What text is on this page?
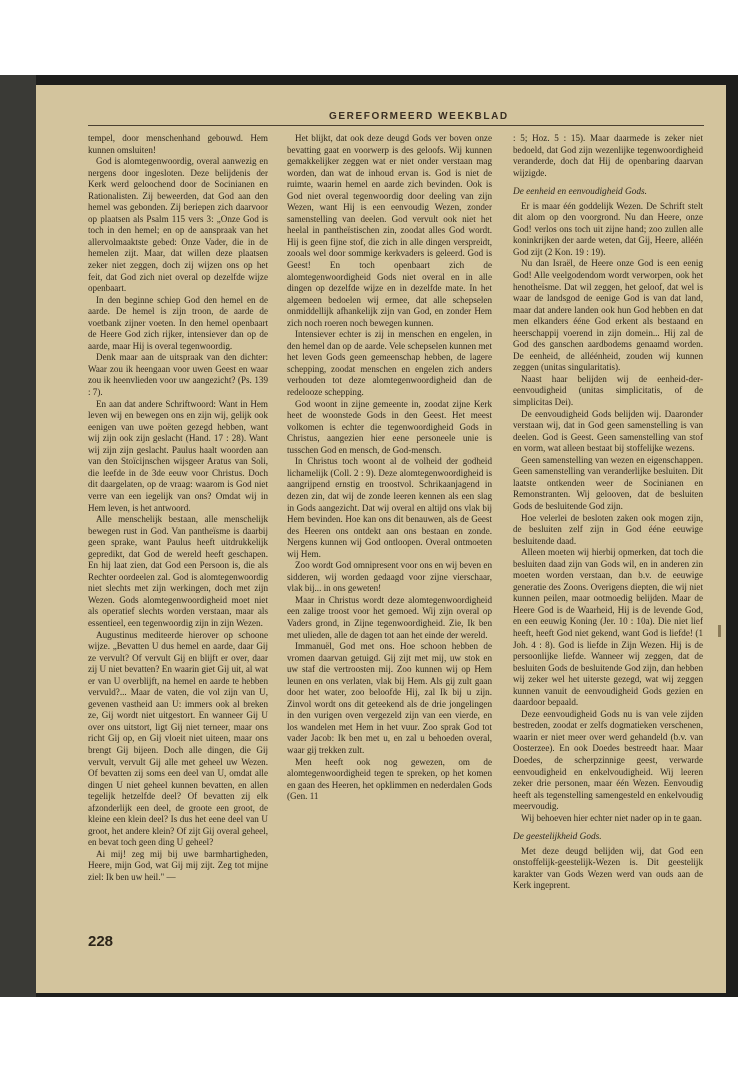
GEREFORMEERD WEEKBLAD

tempel, door menschenhand gebouwd. Hem kunnen omsluiten!

God is alomtegenwoordig, overal aanwezig en nergens door ingesloten. Deze belijdenis der Kerk werd geloochend door de Socinianen en Rationalisten. Zij beweerden, dat God aan den hemel was gebonden. Zij beriepen zich daarvoor op plaatsen als Psalm 115 vers 3: „Onze God is toch in den hemel; en op de aanspraak van het allervolmaaktste gebed: Onze Vader, die in de hemelen zijt. Maar, dat willen deze plaatsen zeker niet zeggen, doch zij wijzen ons op het feit, dat God zich niet overal op dezelfde wijze openbaart.

In den beginne schiep God den hemel en de aarde. De hemel is zijn troon, de aarde de voetbank zijner voeten. In den hemel openbaart de Heere God zich rijker, intensiever dan op de aarde, maar Hij is overal tegenwoordig.

Denk maar aan de uitspraak van den dichter: Waar zou ik heengaan voor uwen Geest en waar zou ik heenvlieden voor uw aangezicht? (Ps. 139 : 7).

En aan dat andere Schriftwoord: Want in Hem leven wij en bewegen ons en zijn wij, gelijk ook eenigen van uwe poëten gezegd hebben, want wij zijn ook zijn geslacht (Hand. 17 : 28). Want wij zijn zijn geslacht. Paulus haalt woorden aan van den Stoïcijnschen wijsgeer Aratus van Soli, die leefde in de 3de eeuw voor Christus. Doch dit daargelaten, op de vraag: waarom is God niet verre van een iegelijk van ons? Omdat wij in Hem leven, is het antwoord.

Alle menschelijk bestaan, alle menschelijk bewegen rust in God. Van pantheïsme is daarbij geen sprake, want Paulus heeft uitdrukkelijk gepredikt, dat God de wereld heeft geschapen. En hij laat zien, dat God een Persoon is, die als Rechter oordeelen zal. God is alomtegenwoordig niet slechts met zijn werkingen, doch met zijn Wezen. Gods alomtegenwoordigheid moet niet als operatief slechts worden verstaan, maar als essentieel, een tegenwoordig zijn in zijn Wezen.

Augustinus mediteerde hierover op schoone wijze. „Bevatten U dus hemel en aarde, daar Gij ze vervult? Of vervult Gij en blijft er over, daar zij U niet bevatten? En waarin giet Gij uit, al wat er van U overblijft, na hemel en aarde te hebben vervuld?... Maar de vaten, die vol zijn van U, gevenen vastheid aan U: immers ook al breken ze, Gij wordt niet uitgestort. En wanneer Gij U over ons uitstort, ligt Gij niet terneer, maar ons richt Gij op, en Gij vloeit niet uiteen, maar ons brengt Gij bijeen. Doch alle dingen, die Gij vervult, vervult Gij alle met geheel uw Wezen. Of bevatten zij soms een deel van U, omdat alle dingen U niet geheel kunnen bevatten, en allen tegelijk hetzelfde deel? Of bevatten zij elk afzonderlijk een deel, de groote een groot, de kleine een klein deel? Is dus het eene deel van U groot, het andere klein? Of zijt Gij overal geheel, en bevat toch geen ding U geheel?

Ai mij! zeg mij bij uwe barmhartigheden, Heere, mijn God, wat Gij mij zijt. Zeg tot mijne ziel: Ik ben uw heil." —

Het blijkt, dat ook deze deugd Gods ver boven onze bevatting gaat en voorwerp is des geloofs. Wij kunnen gemakkelijker zeggen wat er niet onder verstaan mag worden, dan wat de inhoud ervan is. God is niet de ruimte, waarin hemel en aarde zich bevinden. Ook is God niet overal tegenwoordig door deeling van zijn Wezen, want Hij is een eenvoudig Wezen, zonder samenstelling van deelen. God vervult ook niet het heelal in pantheïstischen zin, zoodat alles God wordt. Hij is geen fijne stof, die zich in alle dingen verspreidt, zooals wel door sommige kerkvaders is geleerd. God is Geest! En toch openbaart zich de alomtegenwoordigheid Gods niet overal en in alle dingen op dezelfde wijze en in dezelfde mate. In het algemeen bedoelen wij ermee, dat alle schepselen onmiddellijk afhankelijk zijn van God, en zonder Hem zich noch roeren noch bewegen kunnen.

Intensiever echter is zij in menschen en engelen, in den hemel dan op de aarde. Vele schepselen kunnen met het leven Gods geen gemeenschap hebben, de lagere schepping, zoodat menschen en engelen zich anders verhouden tot deze alomtegenwoordigheid dan de redelooze schepping.

God woont in zijne gemeente in, zoodat zijne Kerk heet de woonstede Gods in den Geest. Het meest volkomen is echter die tegenwoordigheid Gods in Christus, aangezien hier eene personeele unie is tusschen God en mensch, de God-mensch.

In Christus toch woont al de volheid der godheid lichamelijk (Coll. 2 : 9). Deze alomtegenwoordigheid is aangrijpend ernstig en troostvol. Schrikaanjagend in dezen zin, dat wij de zonde leeren kennen als een slag in Gods aangezicht. Dat wij overal en altijd ons vlak bij Hem bevinden. Hoe kan ons dit benauwen, als de Geest des Heeren ons ontdekt aan ons bestaan en zonde. Nergens kunnen wij God ontloopen. Overal ontmoeten wij Hem.

Zoo wordt God omnipresent voor ons en wij beven en sidderen, wij worden gedaagd voor zijne vierschaar, vlak bij... in ons geweten!

Maar in Christus wordt deze alomtegenwoordigheid een zalige troost voor het gemoed. Wij zijn overal op Vaders grond, in Zijne tegenwoordigheid. Zie, Ik ben met ulieden, alle de dagen tot aan het einde der wereld.

Immanuël, God met ons. Hoe schoon hebben de vromen daarvan getuigd. Gij zijt met mij, uw stok en uw staf die vertroosten mij. Zoo kunnen wij op Hem leunen en ons verlaten, vlak bij Hem. Als gij zult gaan door het water, zoo beloofde Hij, zal Ik bij u zijn. Zinvol wordt ons dit geteekend als de drie jongelingen in den vurigen oven vergezeld zijn van een vierde, en los wandelen met Hem in het vuur. Zoo sprak God tot vader Jacob: Ik ben met u, en zal u behoeden overal, waar gij trekken zult.

Men heeft ook nog gewezen, om de alomtegenwoordigheid tegen te spreken, op het komen en gaan des Heeren, het opklimmen en nederdalen Gods (Gen. 11

: 5; Hoz. 5 : 15). Maar daarmede is zeker niet bedoeld, dat God zijn wezenlijke tegenwoordigheid veranderde, doch dat Hij de openbaring daarvan wijzigde.

De eenheid en eenvoudigheid Gods.

Er is maar één goddelijk Wezen. De Schrift stelt dit alom op den voorgrond. Nu dan Heere, onze God! verlos ons toch uit zijne hand; zoo zullen alle koninkrijken der aarde weten, dat Gij, Heere, alléén God zijt (2 Kon. 19 : 19).

Nu dan Israël, de Heere onze God is een eenig God! Alle veelgodendom wordt verworpen, ook het henotheïsme. Dat wil zeggen, het geloof, dat wel is waar de landsgod de eenige God is van dat land, maar dat andere landen ook hun God hebben en dat men elkanders ééne God erkent als bestaand en heerschappij voerend in zijn domein... Hij zal de God des ganschen aardbodems genaamd worden. De eenheid, de alléénheid, zouden wij kunnen zeggen (unitas singularitatis).

Naast haar belijden wij de eenheid-der-eenvoudigheid (unitas simplicitatis, of de simplicitas Dei).

De eenvoudigheid Gods belijden wij. Daaronder verstaan wij, dat in God geen samenstelling is van deelen. God is Geest. Geen samenstelling van stof en vorm, wat alleen bestaat bij stoffelijke wezens.

Geen samenstelling van wezen en eigenschappen. Geen samenstelling van veranderlijke besluiten. Dit laatste ontkenden weer de Socinianen en Remonstranten. Wij gelooven, dat de besluiten Gods de besluitende God zijn.

Hoe velerlei de besloten zaken ook mogen zijn, de besluiten zelf zijn in God ééne eeuwige besluitende daad.

Alleen moeten wij hierbij opmerken, dat toch die besluiten daad zijn van Gods wil, en in anderen zin moeten worden verstaan, dan b.v. de eeuwige generatie des Zoons. Overigens diepten, die wij niet kunnen peilen, maar ootmoedig belijden. Maar de Heere God is de Waarheid, Hij is de levende God, en een eeuwig Koning (Jer. 10 : 10a). Die niet lief heeft, heeft God niet gekend, want God is liefde! (1 Joh. 4 : 8). God is liefde in Zijn Wezen. Hij is de persoonlijke liefde. Wanneer wij zeggen, dat de besluiten Gods de besluitende God zijn, dan hebben wij zeker wel het uiterste gezegd, wat wij zeggen kunnen vanuit de eenvoudigheid Gods gezien en daardoor bepaald.

Deze eenvoudigheid Gods nu is van vele zijden bestreden, zoodat er zelfs dogmatieken verschenen, waarin er niet meer over werd gehandeld (b.v. van Oosterzee). En ook Doedes bestreedt haar. Maar Doedes, de scherpzinnige geest, verwarde eenvoudigheid en enkelvoudigheid. Wij leeren zeker drie personen, maar één Wezen. Eenvoudig heeft als tegenstelling samengesteld en enkelvoudig meervoudig.

Wij behoeven hier echter niet nader op in te gaan.

De geestelijkheid Gods.

Met deze deugd belijden wij, dat God een onstoffelijk-geestelijk-Wezen is. Dit geestelijk karakter van Gods Wezen werd van ouds aan de Kerk ingeprent.

228
